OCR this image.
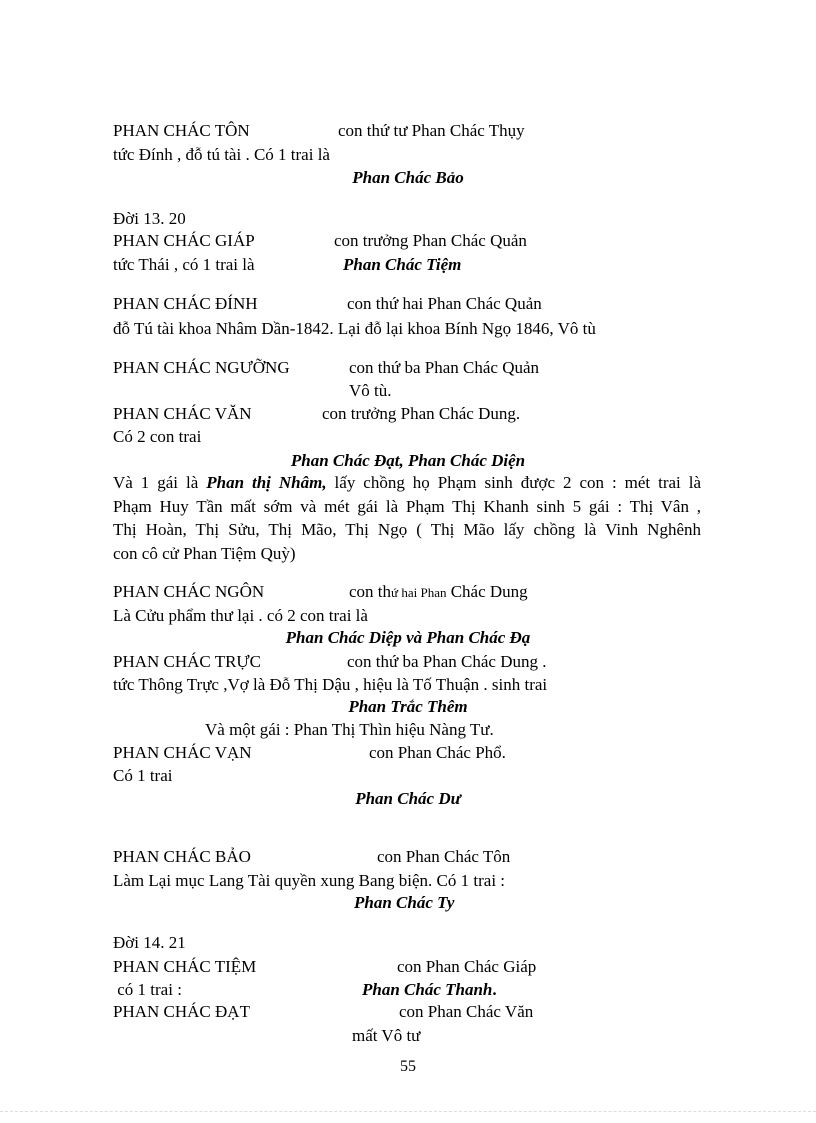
PHAN CHÁC TÔN	con thứ tư Phan Chác Thụy
tức Đính , đỗ tú tài . Có 1 trai là
Phan Chác Bảo
Đời 13. 20
PHAN CHÁC GIÁP	con trưởng Phan Chác Quản
tức Thái , có 1 trai là	Phan Chác Tiệm
PHAN CHÁC ĐÍNH	con thứ hai Phan Chác Quản
đỗ Tú tài khoa Nhâm Dần-1842. Lại đỗ lại khoa Bính Ngọ 1846, Vô tù
PHAN CHÁC NGƯỠNG	con thứ ba Phan Chác Quản
Vô tù.
PHAN CHÁC VĂN	con trưởng Phan Chác Dung.
Có 2 con trai
Phan Chác Đạt, Phan Chác Diện
Và 1 gái là Phan thị Nhâm, lấy chồng họ Phạm sinh được 2 con : mét trai là
Phạm Huy Tần mất sớm và mét gái là Phạm Thị Khanh sinh 5 gái : Thị Vân ,
Thị Hoàn, Thị Sửu, Thị Mão, Thị Ngọ ( Thị Mão lấy chồng là Vinh Nghênh
con cô cử Phan Tiệm Quỳ)
PHAN CHÁC NGÔN	con thứ hai Phan Chác Dung
Là Cửu phẩm thư lại . có 2 con trai là
Phan Chác Diệp và Phan Chác Đạ
PHAN CHÁC TRỰC	con thứ ba Phan Chác Dung .
tức Thông Trực ,Vợ là Đỗ Thị Dậu , hiệu là Tố Thuận . sinh trai
Phan Trắc Thêm
Và một gái : Phan Thị Thìn hiệu Nàng Tư.
PHAN CHÁC VẠN	con Phan Chác Phổ.
Có 1 trai
Phan Chác Dư
PHAN CHÁC BẢO	con Phan Chác Tôn
Làm Lại mục Lang Tài quyền xung Bang biện. Có 1 trai :
Phan Chác Ty
Đời 14. 21
PHAN CHÁC TIỆM	con Phan Chác Giáp
có 1 trai :	Phan Chác Thanh.
PHAN CHÁC ĐẠT	con Phan Chác Văn
mất Vô tư
55
